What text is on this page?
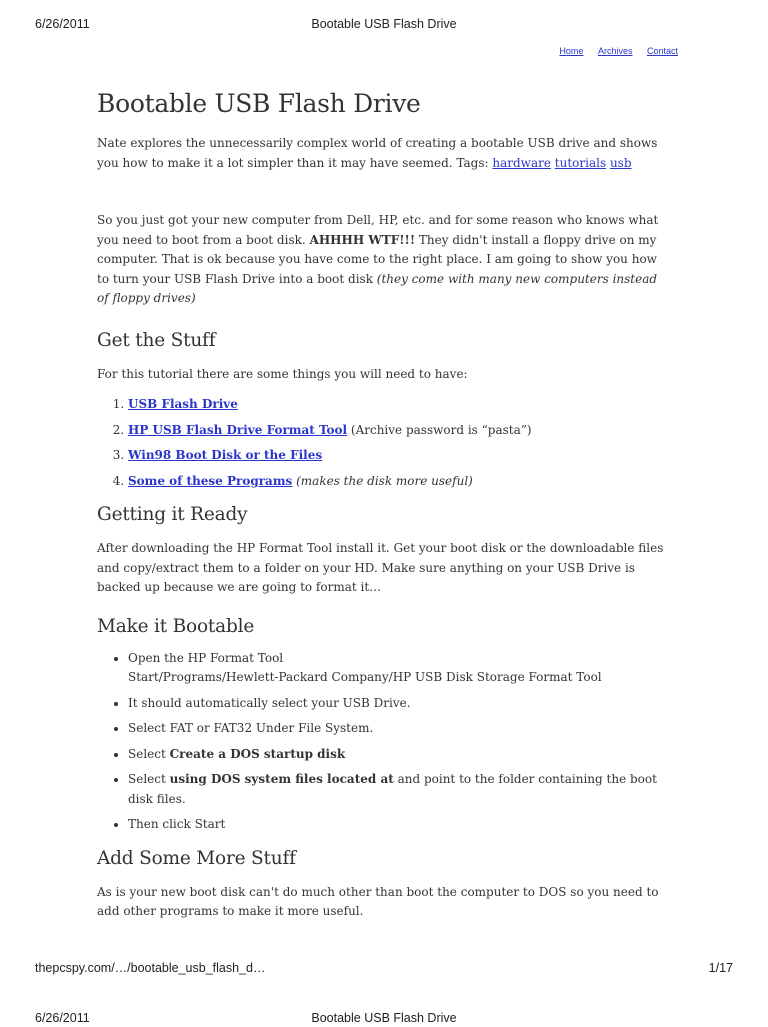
6/26/2011	Bootable USB Flash Drive
Home Archives Contact
Bootable USB Flash Drive

Nate explores the unnecessarily complex world of creating a bootable USB drive and shows you how to make it a lot simpler than it may have seemed. Tags: hardware tutorials usb

So you just got your new computer from Dell, HP, etc. and for some reason who knows what you need to boot from a boot disk. AHHHH WTF!!! They didn't install a floppy drive on my computer. That is ok because you have come to the right place. I am going to show you how to turn your USB Flash Drive into a boot disk (they come with many new computers instead of floppy drives)

Get the Stuff

For this tutorial there are some things you will need to have:

1. USB Flash Drive
2. HP USB Flash Drive Format Tool (Archive password is “pasta”)
3. Win98 Boot Disk or the Files
4. Some of these Programs (makes the disk more useful)
Getting it Ready

After downloading the HP Format Tool install it. Get your boot disk or the downloadable files and copy/extract them to a folder on your HD. Make sure anything on your USB Drive is backed up because we are going to format it…

Make it Bootable
• Open the HP Format Tool
Start/Programs/Hewlett-Packard Company/HP USB Disk Storage Format Tool
• It should automatically select your USB Drive.
• Select FAT or FAT32 Under File System.
• Select Create a DOS startup disk
• Select using DOS system files located at and point to the folder containing the boot disk files.
• Then click Start
Add Some More Stuff

As is your new boot disk can't do much other than boot the computer to DOS so you need to add other programs to make it more useful.

thepcspy.com/…/bootable_usb_flash_d…	1/17
6/26/2011	Bootable USB Flash Drive
